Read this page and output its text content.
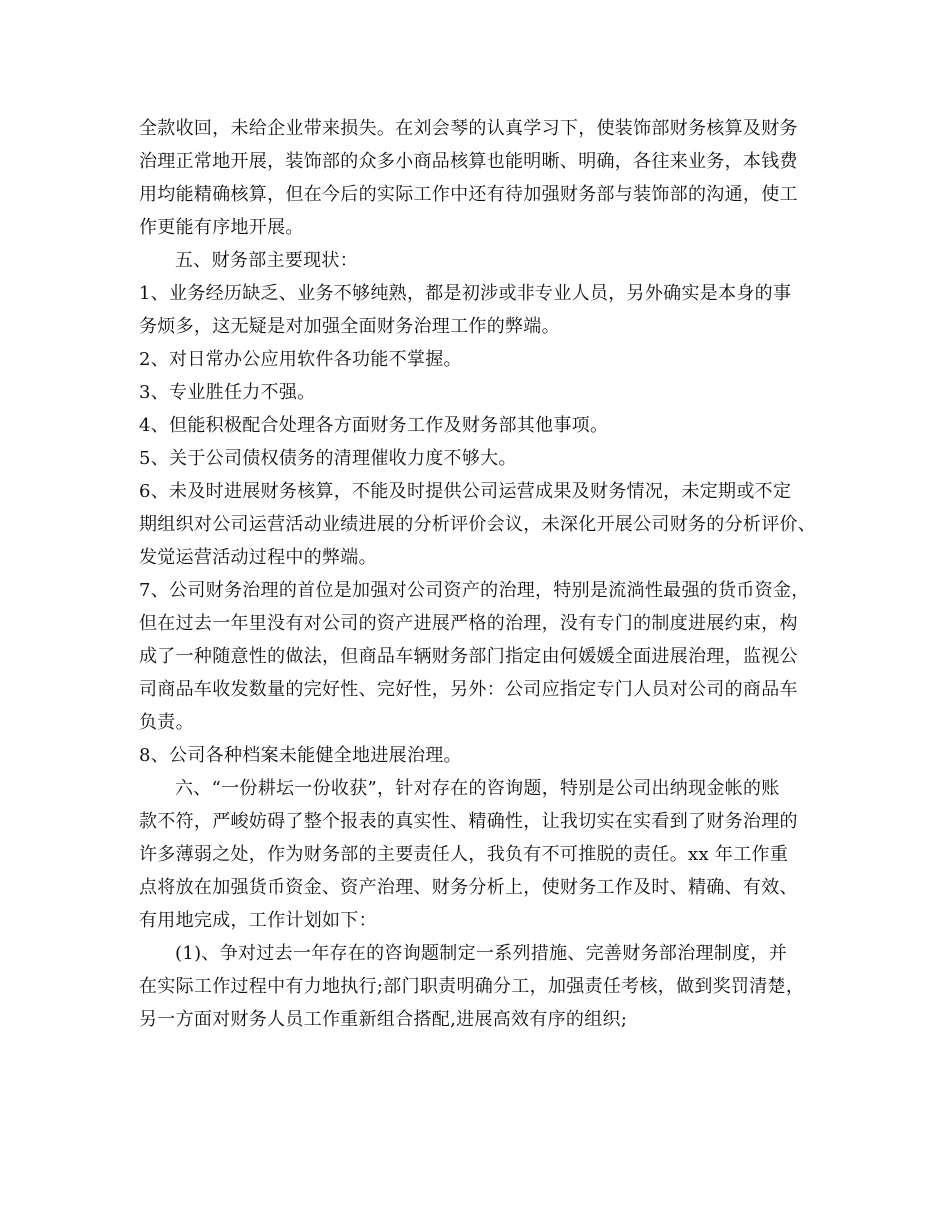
全款收回，未给企业带来损失。在刘会琴的认真学习下，使装饰部财务核算及财务
治理正常地开展，装饰部的众多小商品核算也能明晰、明确，各往来业务，本钱费
用均能精确核算，但在今后的实际工作中还有待加强财务部与装饰部的沟通，使工
作更能有序地开展。
五、财务部主要现状：
1、业务经历缺乏、业务不够纯熟，都是初涉或非专业人员，另外确实是本身的事
务烦多，这无疑是对加强全面财务治理工作的弊端。
2、对日常办公应用软件各功能不掌握。
3、专业胜任力不强。
4、但能积极配合处理各方面财务工作及财务部其他事项。
5、关于公司债权债务的清理催收力度不够大。
6、未及时进展财务核算，不能及时提供公司运营成果及财务情况，未定期或不定
期组织对公司运营活动业绩进展的分析评价会议，未深化开展公司财务的分析评价、
发觉运营活动过程中的弊端。
7、公司财务治理的首位是加强对公司资产的治理，特别是流淌性最强的货币资金，
但在过去一年里没有对公司的资产进展严格的治理，没有专门的制度进展约束，构
成了一种随意性的做法，但商品车辆财务部门指定由何媛媛全面进展治理，监视公
司商品车收发数量的完好性、完好性，另外：公司应指定专门人员对公司的商品车
负责。
8、公司各种档案未能健全地进展治理。
六、“一份耕坛一份收获”，针对存在的咨询题，特别是公司出纳现金帐的账
款不符，严峻妨碍了整个报表的真实性、精确性，让我切实在实看到了财务治理的
许多薄弱之处，作为财务部的主要责任人，我负有不可推脱的责任。xx 年工作重
点将放在加强货币资金、资产治理、财务分析上，使财务工作及时、精确、有效、
有用地完成，工作计划如下：
(1)、争对过去一年存在的咨询题制定一系列措施、完善财务部治理制度，并
在实际工作过程中有力地执行;部门职责明确分工，加强责任考核，做到奖罚清楚，
另一方面对财务人员工作重新组合搭配,进展高效有序的组织;
